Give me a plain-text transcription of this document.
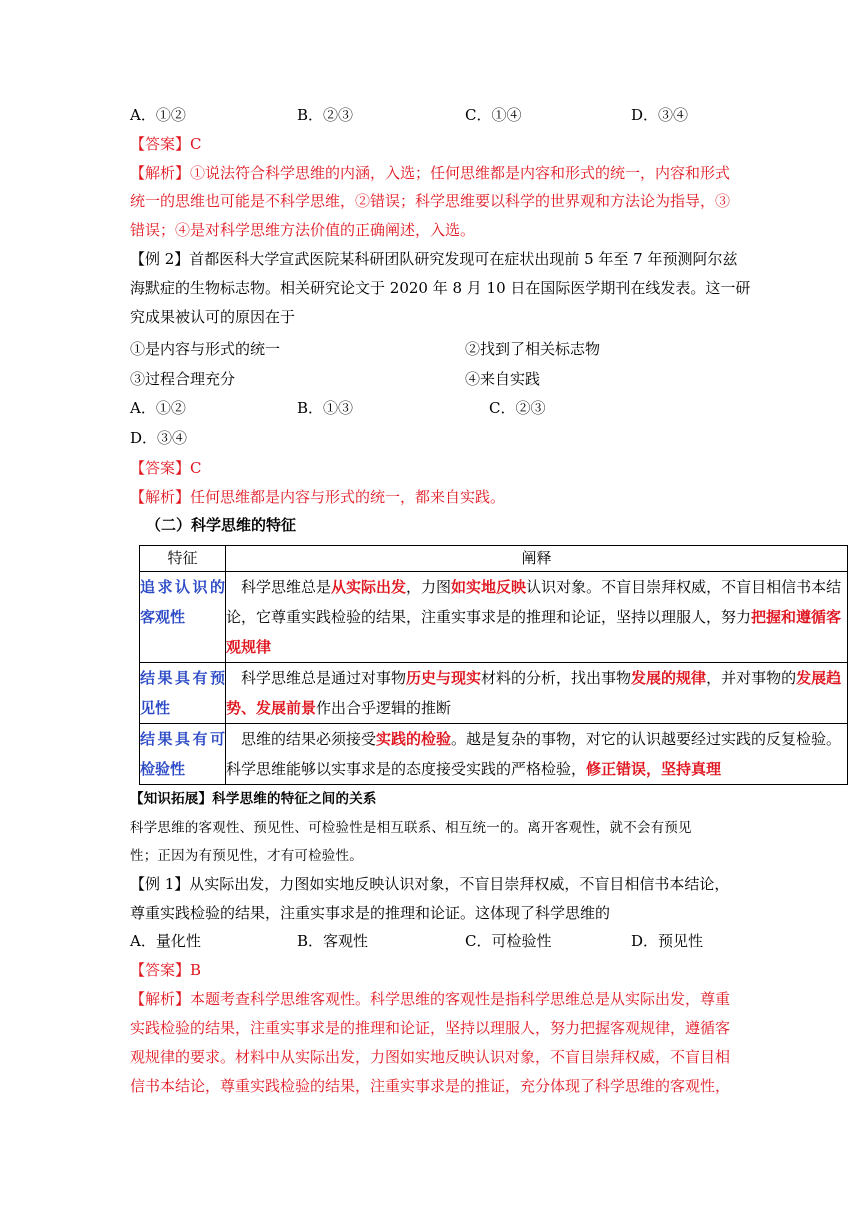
A．①②	B．②③	C．①④	D．③④
【答案】C
【解析】①说法符合科学思维的内涵，入选；任何思维都是内容和形式的统一，内容和形式
统一的思维也可能是不科学思维，②错误；科学思维要以科学的世界观和方法论为指导，③
错误；④是对科学思维方法价值的正确阐述，入选。
【例 2】首都医科大学宣武医院某科研团队研究发现可在症状出现前 5 年至 7 年预测阿尔兹
海默症的生物标志物。相关研究论文于 2020 年 8 月 10 日在国际医学期刊在线发表。这一研
究成果被认可的原因在于
①是内容与形式的统一	②找到了相关标志物
③过程合理充分	④来自实践
A．①②	B．①③	C．②③
D．③④
【答案】C
【解析】任何思维都是内容与形式的统一，都来自实践。
（二）科学思维的特征
特征	阐释
追求认识的客观性	　科学思维总是从实际出发，力图如实地反映认识对象。不盲目崇拜权威，不盲目相信书本结论，它尊重实践检验的结果，注重实事求是的推理和论证，坚持以理服人，努力把握和遵循客观规律
结果具有预见性	　科学思维总是通过对事物历史与现实材料的分析，找出事物发展的规律，并对事物的发展趋势、发展前景作出合乎逻辑的推断
结果具有可检验性	　思维的结果必须接受实践的检验。越是复杂的事物，对它的认识越要经过实践的反复检验。科学思维能够以实事求是的态度接受实践的严格检验，修正错误，坚持真理
【知识拓展】科学思维的特征之间的关系
科学思维的客观性、预见性、可检验性是相互联系、相互统一的。离开客观性，就不会有预见
性；正因为有预见性，才有可检验性。
【例 1】从实际出发，力图如实地反映认识对象，不盲目崇拜权威，不盲目相信书本结论，
尊重实践检验的结果，注重实事求是的推理和论证。这体现了科学思维的
A．量化性	B．客观性	C．可检验性	D．预见性
【答案】B
【解析】本题考查科学思维客观性。科学思维的客观性是指科学思维总是从实际出发，尊重
实践检验的结果，注重实事求是的推理和论证，坚持以理服人，努力把握客观规律，遵循客
观规律的要求。材料中从实际出发，力图如实地反映认识对象，不盲目崇拜权威，不盲目相
信书本结论，尊重实践检验的结果，注重实事求是的推证，充分体现了科学思维的客观性，
